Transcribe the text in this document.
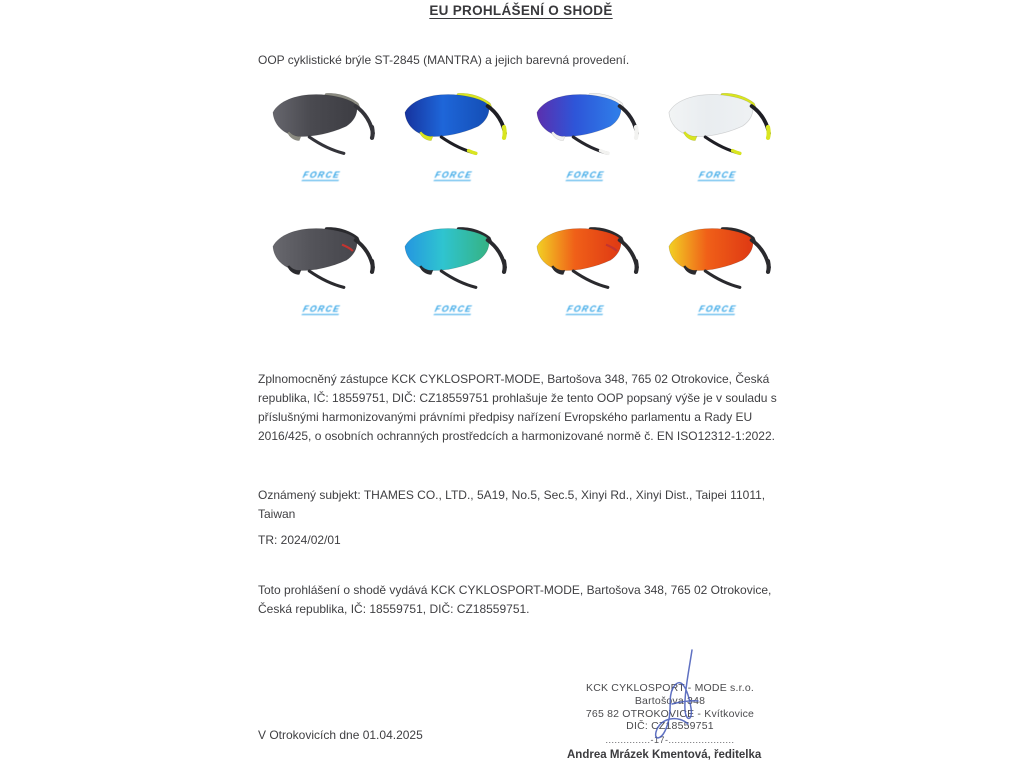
EU PROHLÁŠENÍ O SHODĚ
OOP cyklistické brýle ST-2845 (MANTRA) a jejich barevná provedení.
FORCE	FORCE	FORCE	FORCE
FORCE	FORCE	FORCE	FORCE

Zplnomocněný zástupce KCK CYKLOSPORT-MODE, Bartošova 348, 765 02 Otrokovice, Česká republika, IČ: 18559751, DIČ: CZ18559751 prohlašuje že tento OOP popsaný výše je v souladu s příslušnými harmonizovanými právními předpisy nařízení Evropského parlamentu a Rady EU 2016/425, o osobních ochranných prostředcích a harmonizované normě č. EN ISO12312-1:2022.

Oznámený subjekt: THAMES CO., LTD., 5A19, No.5, Sec.5, Xinyi Rd., Xinyi Dist., Taipei 11011, Taiwan

TR: 2024/02/01

Toto prohlášení o shodě vydává KCK CYKLOSPORT-MODE, Bartošova 348, 765 02 Otrokovice, Česká republika, IČ: 18559751, DIČ: CZ18559751.

V Otrokovicích dne 01.04.2025
KCK CYKLOSPORT - MODE s.r.o.
Bartošova 348
765 82 OTROKOVICE - Kvítkovice
DIČ: CZ18559751
...............-17-......................
Andrea Mrázek Kmentová, ředitelka
